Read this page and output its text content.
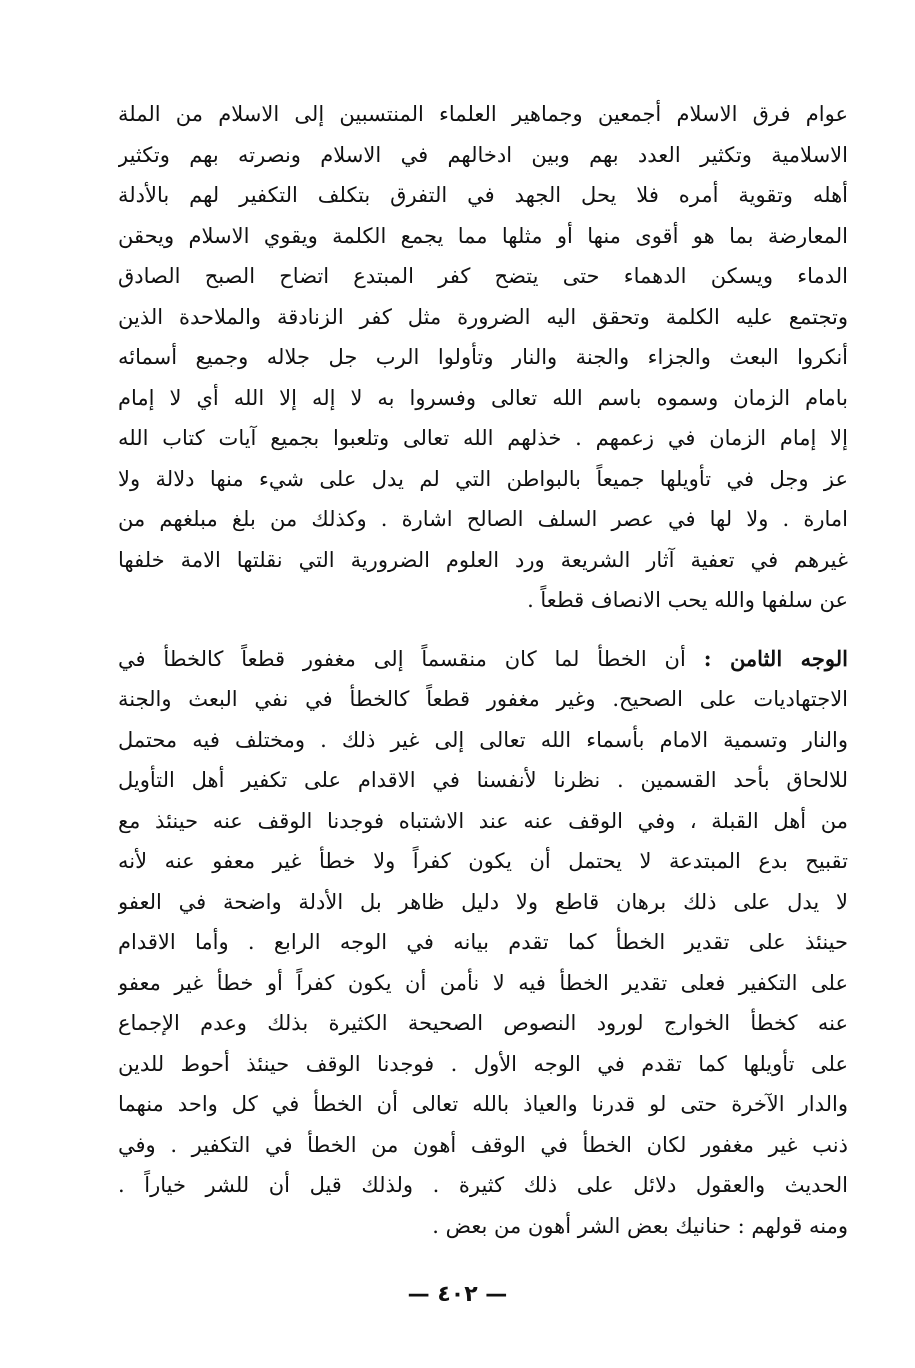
عوام فرق الاسلام أجمعين وجماهير العلماء المنتسبين إلى الاسلام من الملة
الاسلامية وتكثير العدد بهم وبين ادخالهم في الاسلام ونصرته بهم وتكثير
أهله وتقوية أمره فلا يحل الجهد في التفرق بتكلف التكفير لهم بالأدلة
المعارضة بما هو أقوى منها أو مثلها مما يجمع الكلمة ويقوي الاسلام ويحقن
الدماء ويسكن الدهماء حتى يتضح كفر المبتدع اتضاح الصبح الصادق
وتجتمع عليه الكلمة وتحقق اليه الضرورة مثل كفر الزنادقة والملاحدة الذين
أنكروا البعث والجزاء والجنة والنار وتأولوا الرب جل جلاله وجميع أسمائه
بامام الزمان وسموه باسم الله تعالى وفسروا به لا إله إلا الله أي لا إمام
إلا إمام الزمان في زعمهم . خذلهم الله تعالى وتلعبوا بجميع آيات كتاب الله
عز وجل في تأويلها جميعاً بالبواطن التي لم يدل على شيء منها دلالة ولا
امارة . ولا لها في عصر السلف الصالح اشارة . وكذلك من بلغ مبلغهم من
غيرهم في تعفية آثار الشريعة ورد العلوم الضرورية التي نقلتها الامة خلفها
عن سلفها والله يحب الانصاف قطعاً .
الوجه الثامن : أن الخطأ لما كان منقسماً إلى مغفور قطعاً كالخطأ في
الاجتهاديات على الصحيح. وغير مغفور قطعاً كالخطأ في نفي البعث والجنة
والنار وتسمية الامام بأسماء الله تعالى إلى غير ذلك . ومختلف فيه محتمل
للالحاق بأحد القسمين . نظرنا لأنفسنا في الاقدام على تكفير أهل التأويل
من أهل القبلة ، وفي الوقف عنه عند الاشتباه فوجدنا الوقف عنه حينئذ مع
تقبيح بدع المبتدعة لا يحتمل أن يكون كفراً ولا خطأ غير معفو عنه لأنه
لا يدل على ذلك برهان قاطع ولا دليل ظاهر بل الأدلة واضحة في العفو
حينئذ على تقدير الخطأ كما تقدم بيانه في الوجه الرابع . وأما الاقدام
على التكفير فعلى تقدير الخطأ فيه لا نأمن أن يكون كفراً أو خطأ غير معفو
عنه كخطأ الخوارج لورود النصوص الصحيحة الكثيرة بذلك وعدم الإجماع
على تأويلها كما تقدم في الوجه الأول . فوجدنا الوقف حينئذ أحوط للدين
والدار الآخرة حتى لو قدرنا والعياذ بالله تعالى أن الخطأ في كل واحد منهما
ذنب غير مغفور لكان الخطأ في الوقف أهون من الخطأ في التكفير . وفي
الحديث والعقول دلائل على ذلك كثيرة . ولذلك قيل أن للشر خياراً .
ومنه قولهم : حنانيك بعض الشر أهون من بعض .
— ٤٠٢ —
